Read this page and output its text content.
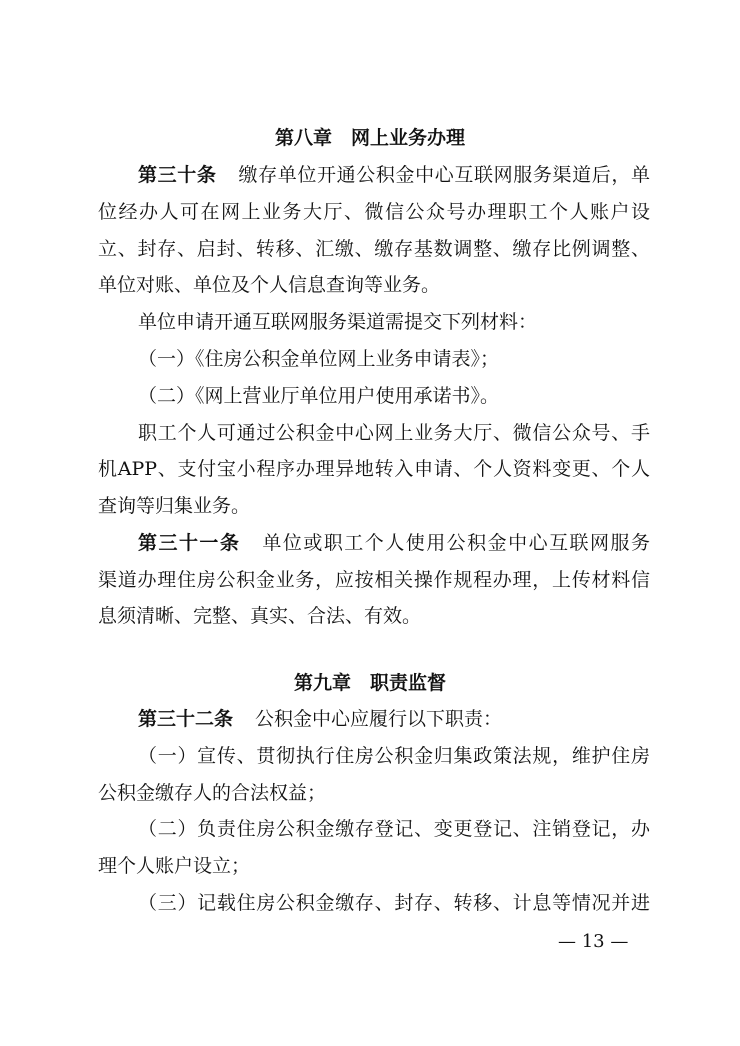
第八章　网上业务办理

第三十条 缴存单位开通公积金中心互联网服务渠道后，单

位经办人可在网上业务大厅、微信公众号办理职工个人账户设

立、封存、启封、转移、汇缴、缴存基数调整、缴存比例调整、

单位对账、单位及个人信息查询等业务。

单位申请开通互联网服务渠道需提交下列材料：

（一）《住房公积金单位网上业务申请表》；

（二）《网上营业厅单位用户使用承诺书》。

职工个人可通过公积金中心网上业务大厅、微信公众号、手

机APP、支付宝小程序办理异地转入申请、个人资料变更、个人

查询等归集业务。

第三十一条 单位或职工个人使用公积金中心互联网服务

渠道办理住房公积金业务，应按相关操作规程办理，上传材料信

息须清晰、完整、真实、合法、有效。

第九章　职责监督

第三十二条 公积金中心应履行以下职责：

（一）宣传、贯彻执行住房公积金归集政策法规，维护住房

公积金缴存人的合法权益；

（二）负责住房公积金缴存登记、变更登记、注销登记，办

理个人账户设立；

（三）记载住房公积金缴存、封存、转移、计息等情况并进

— 13 —
